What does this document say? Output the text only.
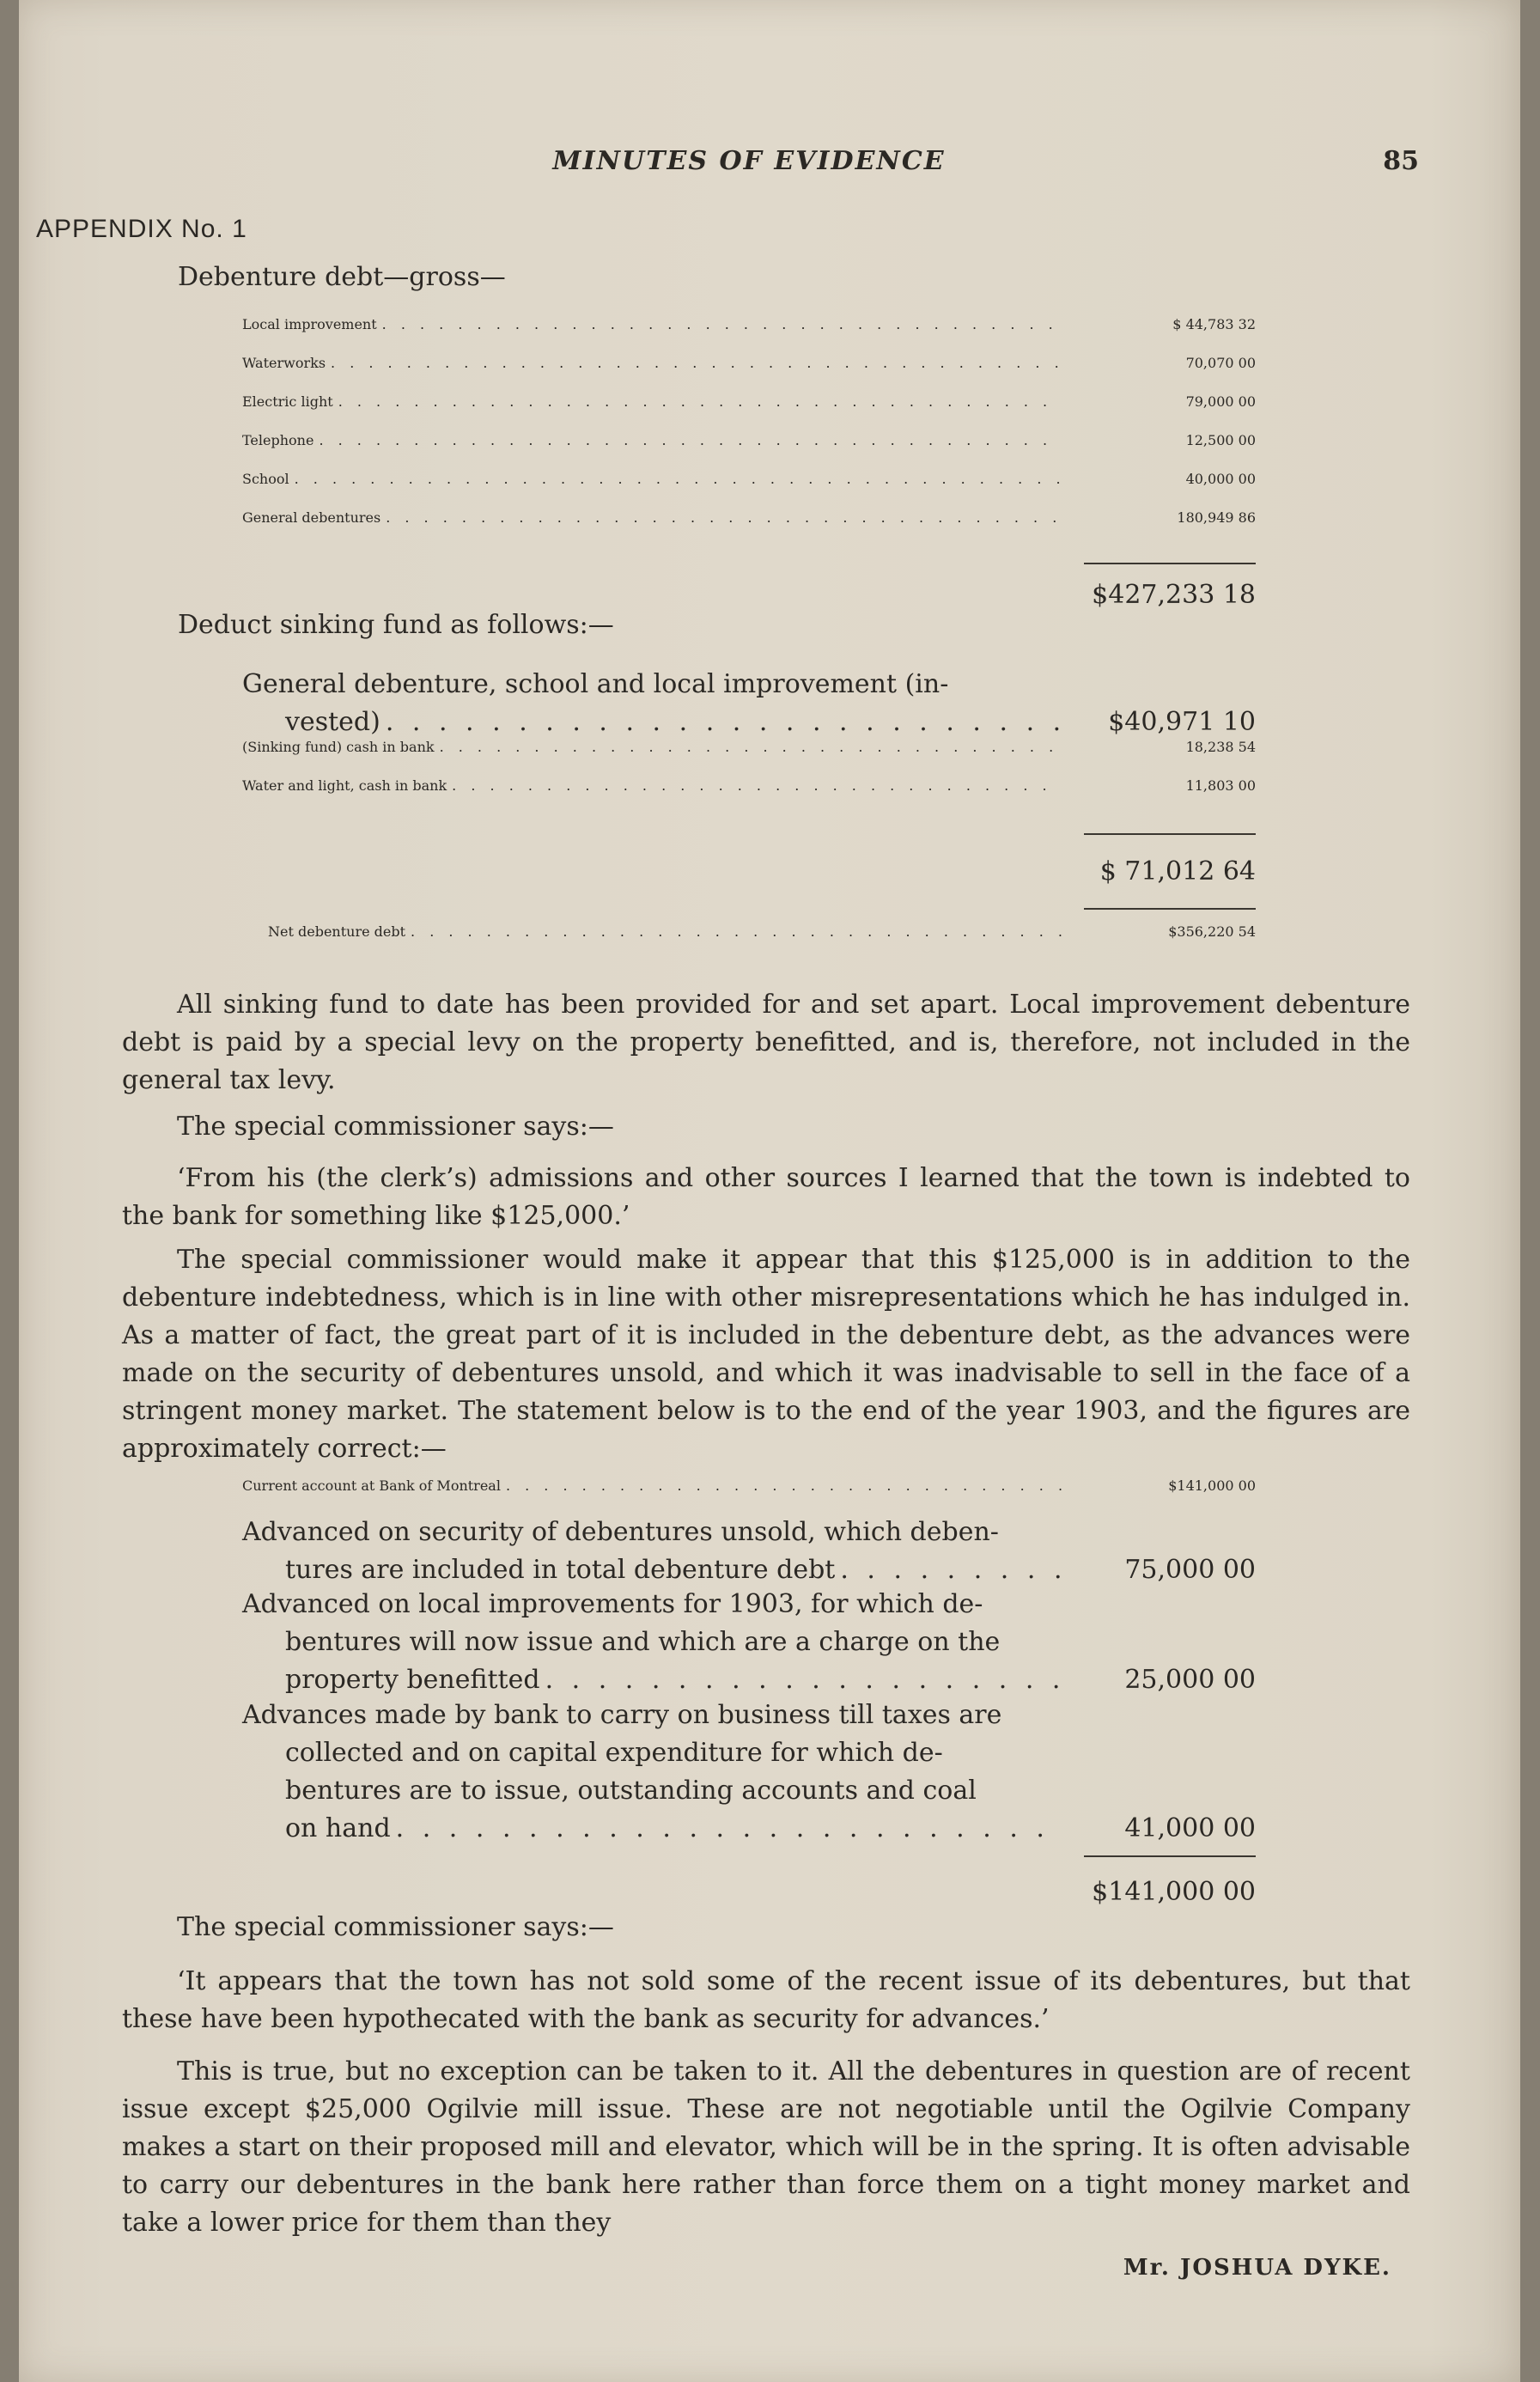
MINUTES OF EVIDENCE	85
APPENDIX No. 1
Debenture debt—gross—
Local improvement . . .	$ 44,783 32
Waterworks . . .	70,070 00
Electric light . . .	79,000 00
Telephone . . .	12,500 00
School . . .	40,000 00
General debentures . . .	180,949 86
$427,233 18
Deduct sinking fund as follows:—
General debenture, school and local improvement (in-
vested) . . .	$40,971 10
(Sinking fund) cash in bank . . .	18,238 54
Water and light, cash in bank . . .	11,803 00
$ 71,012 64
Net debenture debt . . .	$356,220 54

All sinking fund to date has been provided for and set apart. Local improvement debenture debt is paid by a special levy on the property benefitted, and is, therefore, not included in the general tax levy.

The special commissioner says:—

‘From his (the clerk’s) admissions and other sources I learned that the town is indebted to the bank for something like $125,000.’

The special commissioner would make it appear that this $125,000 is in addition to the debenture indebtedness, which is in line with other misrepresentations which he has indulged in. As a matter of fact, the great part of it is included in the debenture debt, as the advances were made on the security of debentures unsold, and which it was inadvisable to sell in the face of a stringent money market. The statement below is to the end of the year 1903, and the figures are approximately correct:—

Current account at Bank of Montreal . . .	$141,000 00
Advanced on security of debentures unsold, which deben-
tures are included in total debenture debt . . .	75,000 00
Advanced on local improvements for 1903, for which de-
bentures will now issue and which are a charge on the
property benefitted . . .	25,000 00
Advances made by bank to carry on business till taxes are
collected and on capital expenditure for which de-
bentures are to issue, outstanding accounts and coal
on hand . . .	41,000 00
$141,000 00

The special commissioner says:—

‘It appears that the town has not sold some of the recent issue of its debentures, but that these have been hypothecated with the bank as security for advances.’

This is true, but no exception can be taken to it. All the debentures in question are of recent issue except $25,000 Ogilvie mill issue. These are not negotiable until the Ogilvie Company makes a start on their proposed mill and elevator, which will be in the spring. It is often advisable to carry our debentures in the bank here rather than force them on a tight money market and take a lower price for them than they

Mr. JOSHUA DYKE.
